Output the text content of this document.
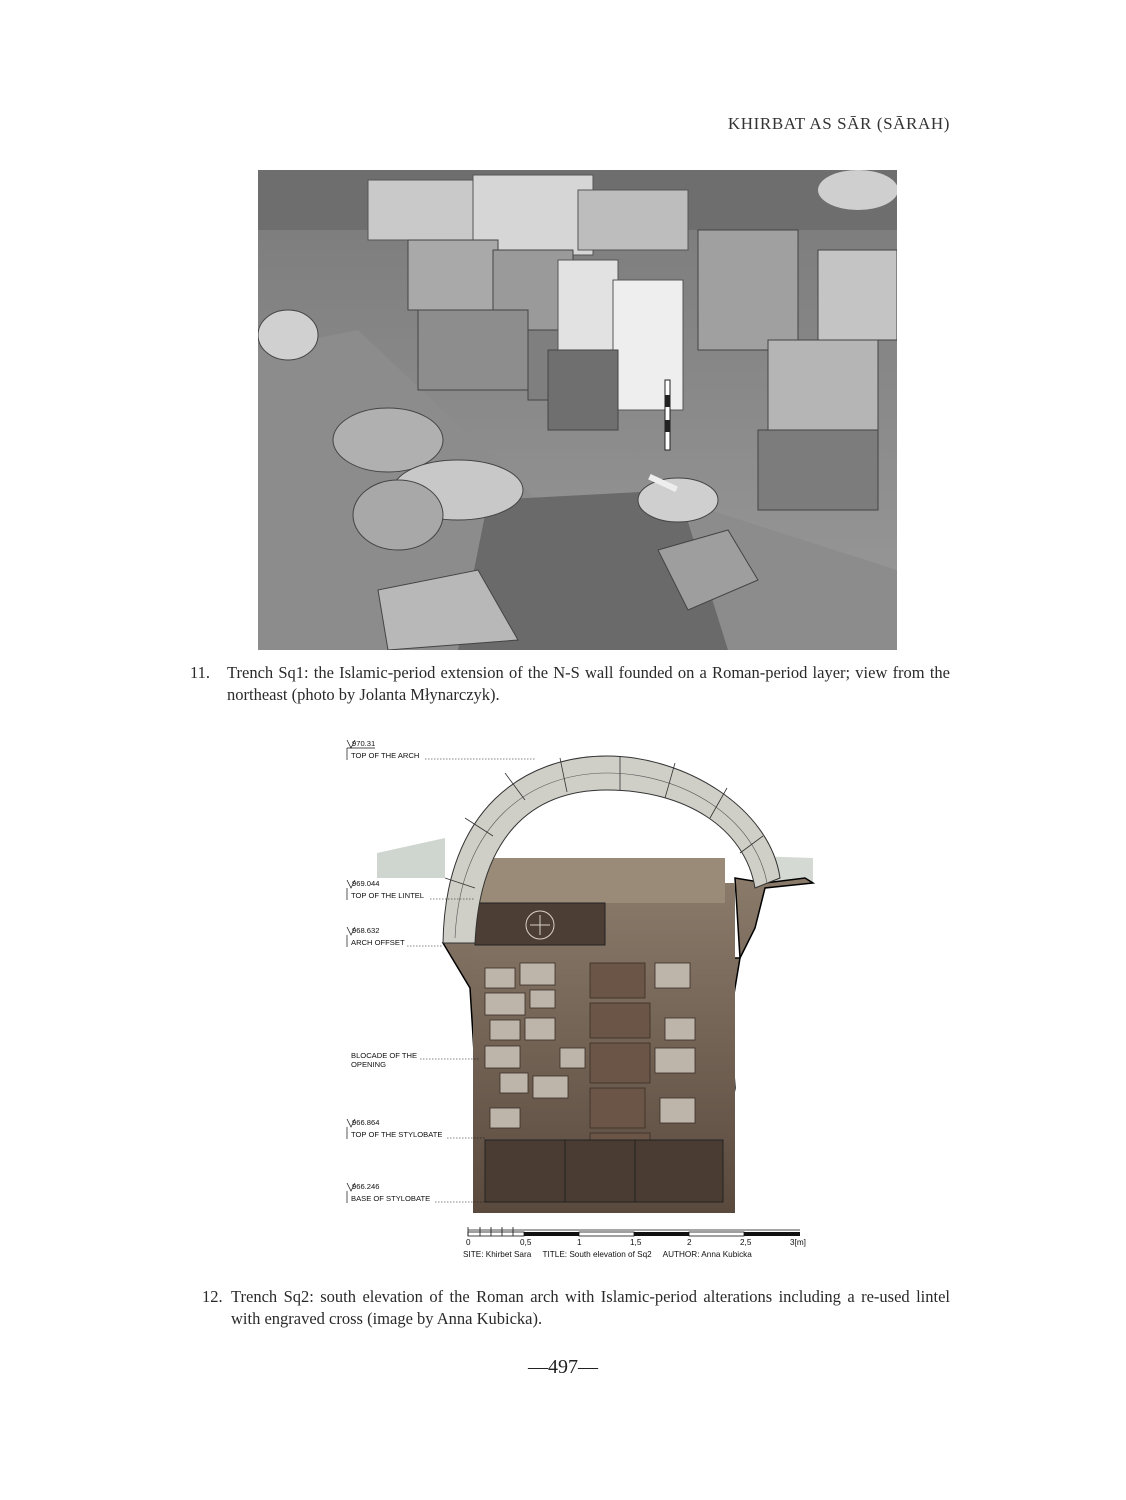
KHIRBAT AS SĀR (SĀRAH)
11.	Trench Sq1: the Islamic-period extension of the N-S wall founded on a Roman-period layer; view from the northeast (photo by Jolanta Młynarczyk).
970.31
TOP OF THE ARCH
969.044
TOP OF THE LINTEL
968.632
ARCH OFFSET
BLOCADE OF THE
OPENING
966.864
TOP OF THE STYLOBATE
966.246
BASE OF STYLOBATE
0	0,5	1	1,5	2	2,5	3[m]
SITE: Khirbet Sara     TITLE: South elevation of Sq2     AUTHOR: Anna Kubicka
12. Trench Sq2: south elevation of the Roman arch with Islamic-period alterations including a re-used lintel with engraved cross (image by Anna Kubicka).
—497—
